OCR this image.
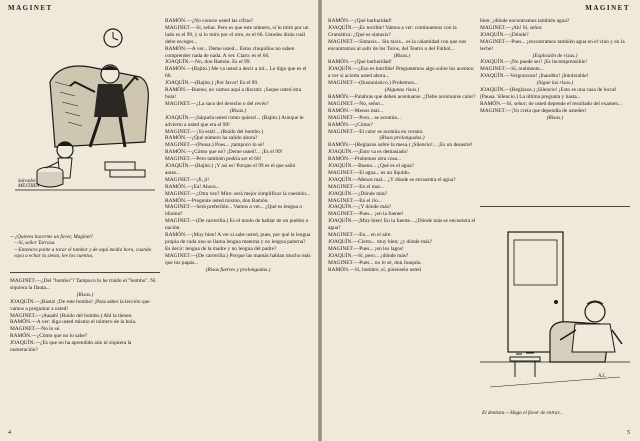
MAGINET
Salvador
MESTRES
—¿Quieres hacerme un favor, Maginet?
—Sí, señor Tarrasa.
—Entonces ponte a tocar el tambor y de aquí media hora, cuando vaya a echar la siesta, lee los cuentos.

MAGINET.—¿Del "bombo"? Tampoco lo he traído el "bombo". Ni siquiera la flauta...

(Risas.)

JOAQUÍN.—¡Basta! ¡De este bombo! ¡Para saber la lección que vamos a preguntar a usted!

MAGINET.—¡Aaaah! (Ruido del bombo.) Ahí la tienen.

RAMÓN.—A ver: diga usted mismo el número de la bola.

MAGINET.—No lo sé.

RAMÓN.—¿Cómo que no lo sabe?

JOAQUÍN.—¿Es que no ha aprendido aún ni siquiera la numeración?

RAMÓN.—¿No conoce usted las cifras?

MAGINET.—Sí, señor. Pero es que este número, si lo miro por un lado es el 99, y si lo miro por el otro, es el 66. Ustedes dirán cuál debo escoger...

RAMÓN.—A ver... Deme usted... Estos chiquillos no saben comprender nada de nada. A ver. Claro: es el 66.

JOAQUÍN.—No, don Ramón. Es el 99.

RAMÓN.—(Bajito.) Me va usted a decir a mí... Le digo que es el 66.

JOAQUÍN.—(Bajito.) ¡Por favor! Es el 99.

RAMÓN.—Bueno; no vamos aquí a discutir. ¡Saque usted otra bola!

MAGINET.—¿La saco del derecho o del revés?

(Risas.)

JOAQUÍN.—¡Sáquela usted como quiera!... (Bajito.) Aunque le advierto a usted que era el 99!

MAGINET.—¡Ya está!... (Ruido del bombo.)

RAMÓN.—¿Qué número ha salido ahora?

MAGINET.—(Pausa.) Pues... ¡tampoco lo sé!

RAMÓN.—¿Cómo que no? ¡Deme usted!... ¡Es el 99!

MAGINET.—Pero también podría ser el 66!

JOAQUÍN.—(Bajito.) ¡Y así es! Porque el 99 es el que salió antes...

MAGINET.—¡Ji, ji!

RAMÓN.—¡Ea! Ahora...

MAGINET.—¿Otra vez? Mire: será mejor simplificar la cuestión...

RAMÓN.—Pregunte usted mismo, don Ramón.

MAGINET.—Será preferible... Vamos a ver... ¿Qué es lengua o idioma?

MAGINET.—(De carrerilla.) Es el modo de hablar de un pueblo o nación.

RAMÓN.—¡Muy bien! A ver si sabe usted, pues, por qué la lengua propia de cada uno se llama lengua materna y no lengua paterna? Es decir: lengua de la madre y no lengua del padre?

MAGINET.—(De carrerilla.) Porque las mamás hablan mucho más que los papás...

(Risas fuertes y prolongadas.)

4
MAGINET

RAMÓN.—¡Qué barbaridad!

JOAQUÍN.—¡Es terrible! Vamos a ver: continuemos con la Gramática: ¿Qué es sintaxis?

MAGINET.—Sintaxis... Sin taxis... es la calamidad con que nos encontramos al salir de los Toros, del Teatro o del Fútbol...

(Risas.)

RAMÓN.—¡Qué barbaridad!

JOAQUÍN.—¿Eso es horrible! Preguntemos algo sobre los acentos: a ver si acierta usted ahora...

MAGINET.—(Ilusionístico.) Probemos...

(Algunas risas.)

RAMÓN.—Palabras que deben acentuarse. ¿Debe acentuarse calor?

MAGINET.—No, señor...

RAMÓN.—Menos mal...

MAGINET.—Pero... se acentúa...

RAMÓN.—¿Cómo?

MAGINET.—El calor se acentúa en verano.

(Risas prolongadas.)

RAMÓN.—(Reglazos sobre la mesa.) ¡Silencio!... ¡Es un desastre!

JOAQUÍN.—¡Esto va es demasiado!

RAMÓN.—Probemos otra cosa...

JOAQUÍN.—Bueno... ¿Qué es el agua?

MAGINET.—El agua... es un líquido.

JOAQUÍN.—Menos mal... ¿Y dónde se encuentra el agua?

MAGINET.—En el mar...

JOAQUÍN.—¿Dónde más?

MAGINET.—En el río...

JOAQUÍN.—¿Y dónde más?

MAGINET.—Pues... ¡en la fuente!

JOAQUÍN.—¡Muy bien! En la fuente... ¿Dónde más se encuentra el agua?

MAGINET.—En... en el aire.

JOAQUÍN.—Cierto... muy bien; ¿y dónde más?

MAGINET.—Pues... ¡en los lagos!

JOAQUÍN.—Sí, pero... ¿dónde más?

MAGINET.—Pues... no lo sé, don Joaquín.

RAMÓN.—Sí, hombre, sí; pióenselo usted

bien: ¿dónde encontramos también agua?

MAGINET.—¡Ah! Sí, señor.

JOAQUÍN.—¡Dónde?

MAGINET.—Pues... ¡encontramos también agua en el vino y en la leche!

(Explosión de risas.)

JOAQUÍN.—¡No puede ser! ¡Es incomprensible!

MAGINET.—Sí, realmente...

JOAQUÍN.—Vergonzoso! ¡Inaudito! ¡Intolerable!

(Sigue las risas.)

JOAQUÍN.—(Reglazos.) ¡Silencio! ¡Esto es una casa de locos! (Pausa. Silencio.) La última pregunta y basta...

RAMÓN.—Sí, señor; de usted depende el resultado del examen...

MAGINET.—¡Yo creía que dependía de ustedes!

(Risas.)

A.L.
El dentista.—Haga el favor de entrar...
5
